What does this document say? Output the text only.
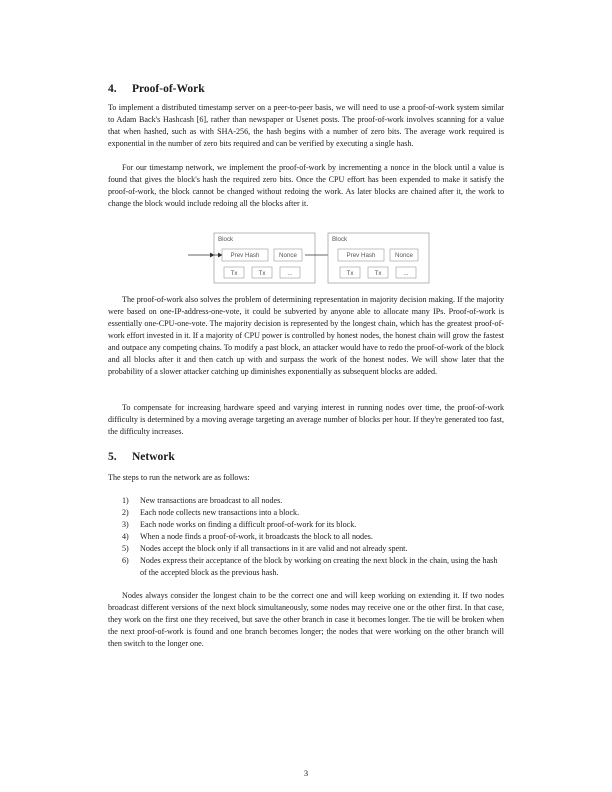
4. Proof-of-Work

To implement a distributed timestamp server on a peer-to-peer basis, we will need to use a proof-of-work system similar to Adam Back's Hashcash [6], rather than newspaper or Usenet posts. The proof-of-work involves scanning for a value that when hashed, such as with SHA-256, the hash begins with a number of zero bits. The average work required is exponential in the number of zero bits required and can be verified by executing a single hash.

For our timestamp network, we implement the proof-of-work by incrementing a nonce in the block until a value is found that gives the block's hash the required zero bits. Once the CPU effort has been expended to make it satisfy the proof-of-work, the block cannot be changed without redoing the work. As later blocks are chained after it, the work to change the block would include redoing all the blocks after it.

Block
Prev Hash	Nonce
Tx	Tx	...
Block
Prev Hash	Nonce
Tx	Tx	...

The proof-of-work also solves the problem of determining representation in majority decision making. If the majority were based on one-IP-address-one-vote, it could be subverted by anyone able to allocate many IPs. Proof-of-work is essentially one-CPU-one-vote. The majority decision is represented by the longest chain, which has the greatest proof-of-work effort invested in it. If a majority of CPU power is controlled by honest nodes, the honest chain will grow the fastest and outpace any competing chains. To modify a past block, an attacker would have to redo the proof-of-work of the block and all blocks after it and then catch up with and surpass the work of the honest nodes. We will show later that the probability of a slower attacker catching up diminishes exponentially as subsequent blocks are added.

To compensate for increasing hardware speed and varying interest in running nodes over time, the proof-of-work difficulty is determined by a moving average targeting an average number of blocks per hour. If they're generated too fast, the difficulty increases.

5. Network

The steps to run the network are as follows:

1) New transactions are broadcast to all nodes.
2) Each node collects new transactions into a block.
3) Each node works on finding a difficult proof-of-work for its block.
4) When a node finds a proof-of-work, it broadcasts the block to all nodes.
5) Nodes accept the block only if all transactions in it are valid and not already spent.
6) Nodes express their acceptance of the block by working on creating the next block in the chain, using the hash of the accepted block as the previous hash.

Nodes always consider the longest chain to be the correct one and will keep working on extending it. If two nodes broadcast different versions of the next block simultaneously, some nodes may receive one or the other first. In that case, they work on the first one they received, but save the other branch in case it becomes longer. The tie will be broken when the next proof-of-work is found and one branch becomes longer; the nodes that were working on the other branch will then switch to the longer one.

3
